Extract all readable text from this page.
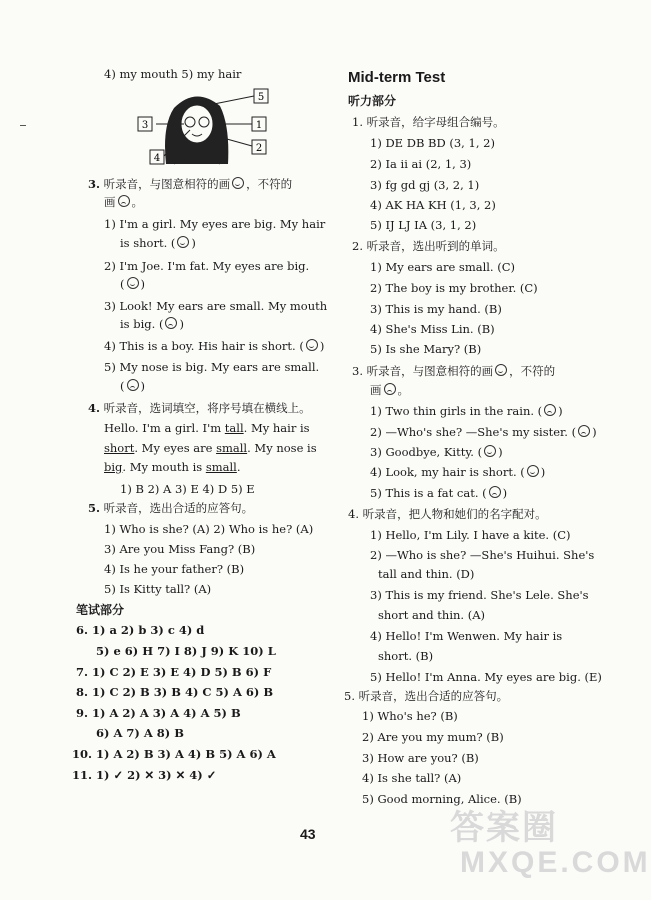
4) my mouth 5) my hair
5
3	1
2
4
3. 听录音，与图意相符的画 ，不符的
画 。
1) I'm a girl. My eyes are big. My hair
is short. ( )
2) I'm Joe. I'm fat. My eyes are big.
( )
3) Look! My ears are small. My mouth
is big. ( )
4) This is a boy. His hair is short. ( )
5) My nose is big. My ears are small.
( )
4. 听录音，选词填空，将序号填在横线上。
Hello. I'm a girl. I'm tall. My hair is
short. My eyes are small. My nose is
big. My mouth is small.
1) B 2) A 3) E 4) D 5) E
5. 听录音，选出合适的应答句。
1) Who is she? (A) 2) Who is he? (A)
3) Are you Miss Fang? (B)
4) Is he your father? (B)
5) Is Kitty tall? (A)
笔试部分
6. 1) a 2) b 3) c 4) d
5) e 6) H 7) I 8) J 9) K 10) L
7. 1) C 2) E 3) E 4) D 5) B 6) F
8. 1) C 2) B 3) B 4) C 5) A 6) B
9. 1) A 2) A 3) A 4) A 5) B
6) A 7) A 8) B
10. 1) A 2) B 3) A 4) B 5) A 6) A
11. 1) ✓ 2) ✕ 3) ✕ 4) ✓
Mid-term Test
听力部分
1. 听录音，给字母组合编号。
1) DE DB BD (3, 1, 2)
2) Ia ii ai (2, 1, 3)
3) fg gd gj (3, 2, 1)
4) AK HA KH (1, 3, 2)
5) IJ LJ IA (3, 1, 2)
2. 听录音，选出听到的单词。
1) My ears are small. (C)
2) The boy is my brother. (C)
3) This is my hand. (B)
4) She's Miss Lin. (B)
5) Is she Mary? (B)
3. 听录音，与图意相符的画 ，不符的
画 。
1) Two thin girls in the rain. ( )
2) —Who's she? —She's my sister. ( )
3) Goodbye, Kitty. ( )
4) Look, my hair is short. ( )
5) This is a fat cat. ( )
4. 听录音，把人物和她们的名字配对。
1) Hello, I'm Lily. I have a kite. (C)
2) —Who is she? —She's Huihui. She's
tall and thin. (D)
3) This is my friend. She's Lele. She's
short and thin. (A)
4) Hello! I'm Wenwen. My hair is
short. (B)
5) Hello! I'm Anna. My eyes are big. (E)
5. 听录音，选出合适的应答句。
1) Who's he? (B)
2) Are you my mum? (B)
3) How are you? (B)
4) Is she tall? (A)
5) Good morning, Alice. (B)
43	答案圈
MXQE.COM
